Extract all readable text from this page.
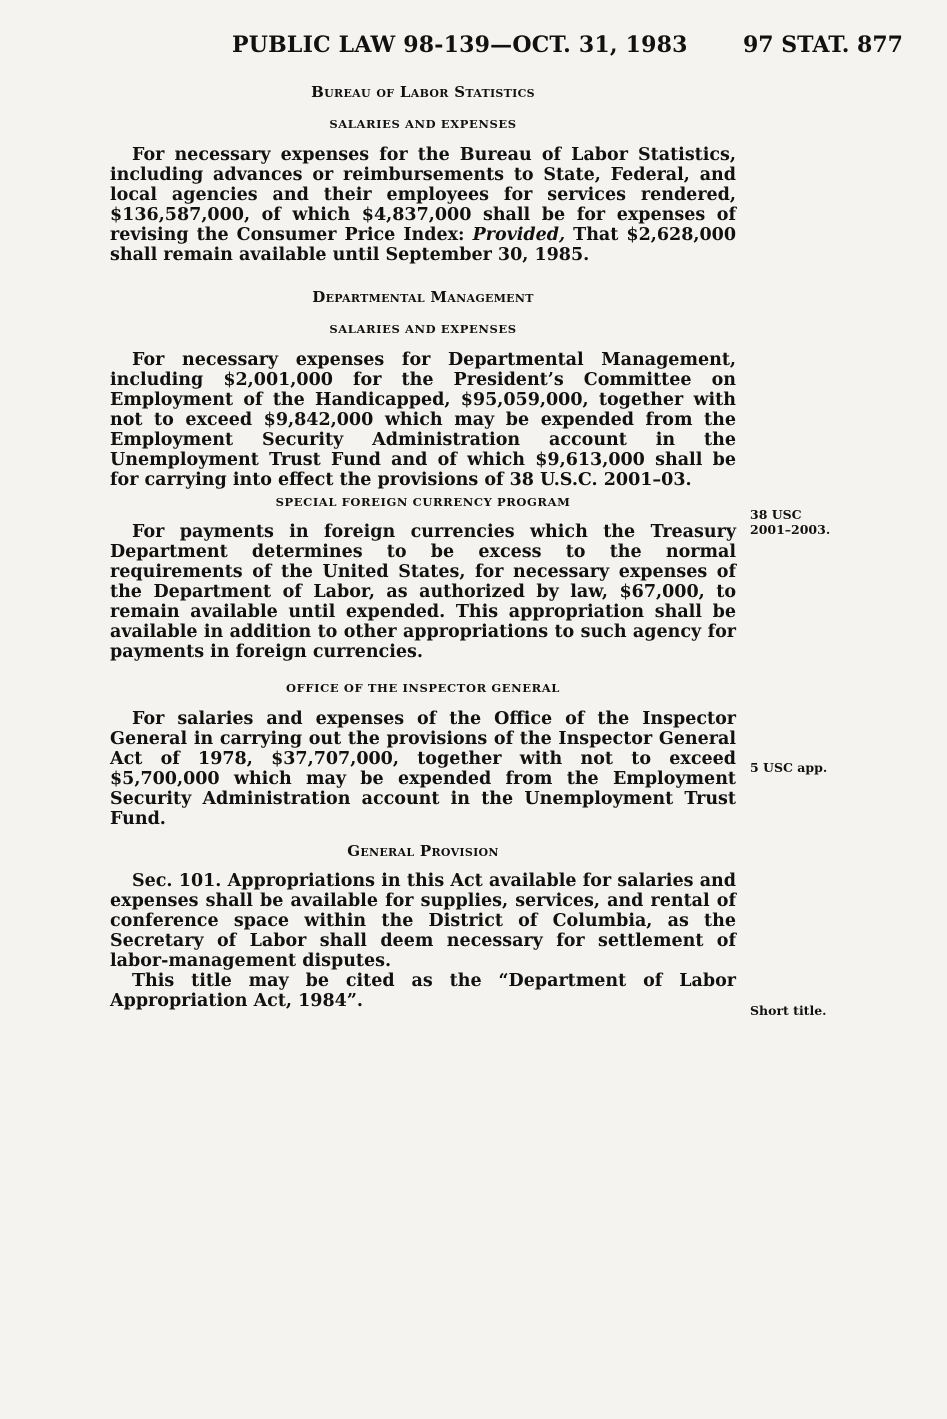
PUBLIC LAW 98-139—OCT. 31, 1983	97 STAT. 877
Bureau of Labor Statistics
SALARIES AND EXPENSES

For necessary expenses for the Bureau of Labor Statistics, including advances or reimbursements to State, Federal, and local agencies and their employees for services rendered, $136,587,000, of which $4,837,000 shall be for expenses of revising the Consumer Price Index: Provided, That $2,628,000 shall remain available until September 30, 1985.

Departmental Management
SALARIES AND EXPENSES

For necessary expenses for Departmental Management, including $2,001,000 for the President’s Committee on Employment of the Handicapped, $95,059,000, together with not to exceed $9,842,000 which may be expended from the Employment Security Administration account in the Unemployment Trust Fund and of which $9,613,000 shall be for carrying into effect the provisions of 38 U.S.C. 2001–03.

SPECIAL FOREIGN CURRENCY PROGRAM

For payments in foreign currencies which the Treasury Department determines to be excess to the normal requirements of the United States, for necessary expenses of the Department of Labor, as authorized by law, $67,000, to remain available until expended. This appropriation shall be available in addition to other appropriations to such agency for payments in foreign currencies.

OFFICE OF THE INSPECTOR GENERAL

For salaries and expenses of the Office of the Inspector General in carrying out the provisions of the Inspector General Act of 1978, $37,707,000, together with not to exceed $5,700,000 which may be expended from the Employment Security Administration account in the Unemployment Trust Fund.

General Provision

Sec. 101. Appropriations in this Act available for salaries and expenses shall be available for supplies, services, and rental of conference space within the District of Columbia, as the Secretary of Labor shall deem necessary for settlement of labor-management disputes.

This title may be cited as the “Department of Labor Appropriation Act, 1984”.

38 USC
2001–2003.
5 USC app.
Short title.
